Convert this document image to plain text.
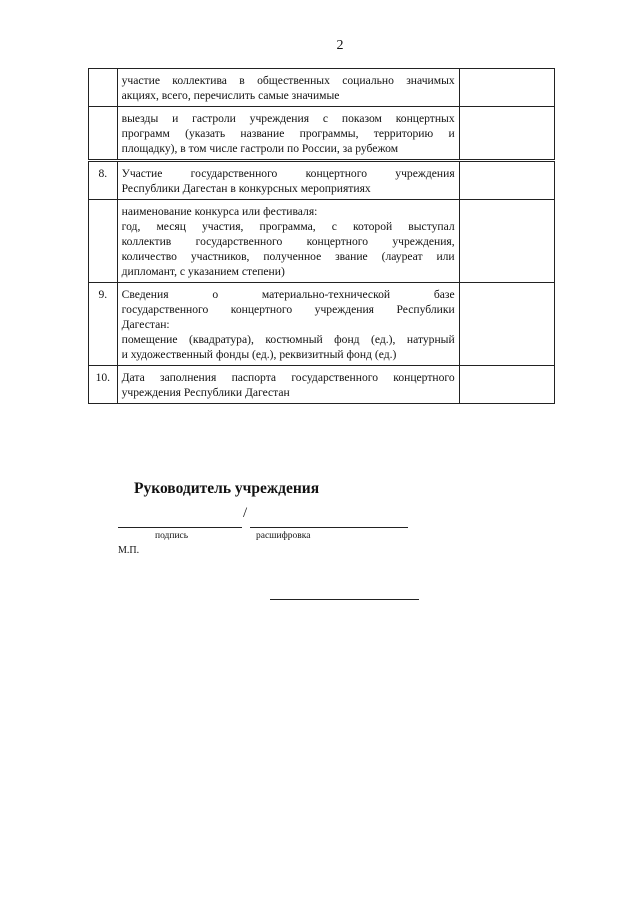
2

	участие коллектива в общественных социально значимых
акциях, всего, перечислить самые значимые	

	выезды и гастроли учреждения с показом концертных
программ (указать название программы, территорию и
площадку), в том числе гастроли по России, за рубежом	

8.	Участие государственного концертного учреждения
Республики Дагестан в конкурсных мероприятиях	

	наименование конкурса или фестиваля:
год, месяц участия, программа, с которой выступал
коллектив государственного концертного учреждения,
количество участников, полученное звание (лауреат или
дипломант, с указанием степени)	

9.	Сведения о материально-технической базе
государственного концертного учреждения Республики
Дагестан:
помещение (квадратура), костюмный фонд (ед.), натурный
и художественный фонды (ед.), реквизитный фонд (ед.)	

10.	Дата заполнения паспорта государственного концертного
учреждения Республики Дагестан	

Руководитель учреждения
/
подпись	расшифровка
М.П.
